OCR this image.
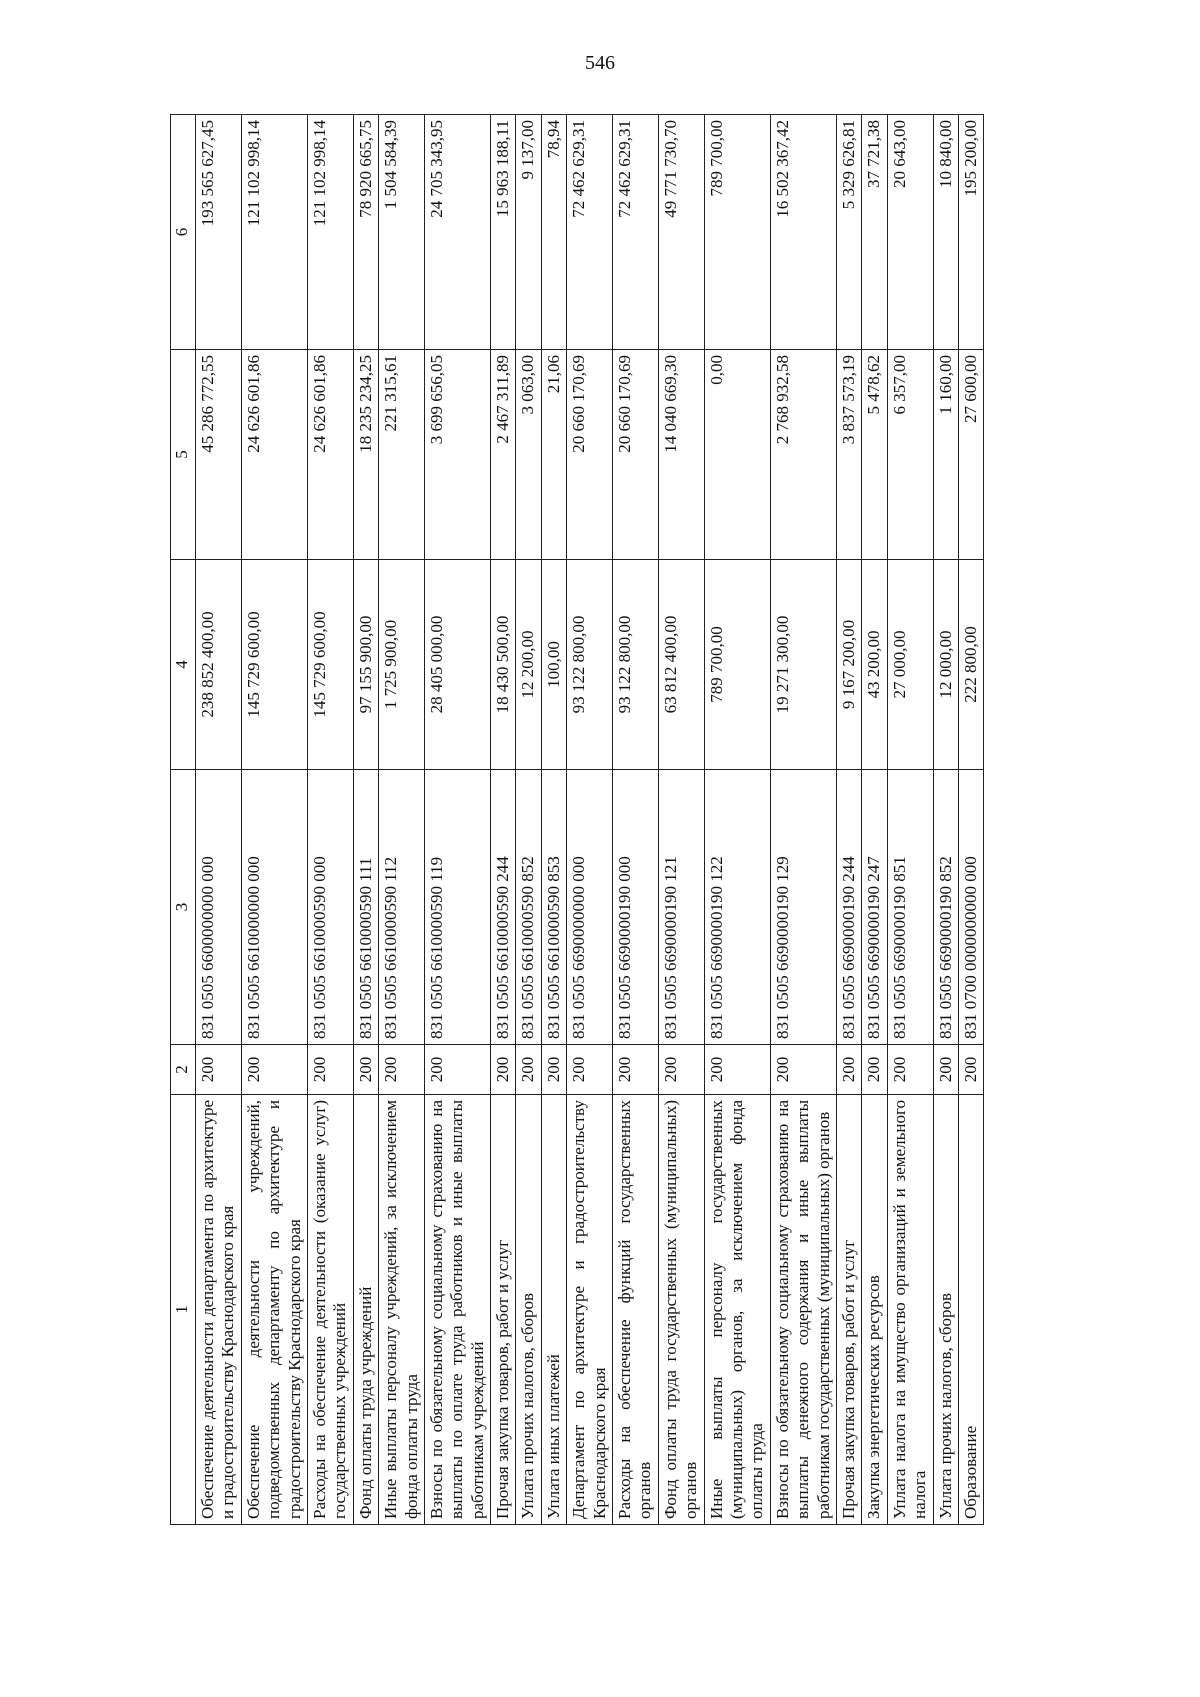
546
1	2	3	4	5	6
Обеспечение деятельности департамента по архитектуре и градостроительству Краснодарского края	200	831 0505 6600000000 000	238 852 400,00	45 286 772,55	193 565 627,45
Обеспечение деятельности учреждений, подведомственных департаменту по архитектуре и градостроительству Краснодарского края	200	831 0505 6610000000 000	145 729 600,00	24 626 601,86	121 102 998,14
Расходы на обеспечение деятельности (оказание услуг) государственных учреждений	200	831 0505 6610000590 000	145 729 600,00	24 626 601,86	121 102 998,14
Фонд оплаты труда учреждений	200	831 0505 6610000590 111	97 155 900,00	18 235 234,25	78 920 665,75
Иные выплаты персоналу учреждений, за исключением фонда оплаты труда	200	831 0505 6610000590 112	1 725 900,00	221 315,61	1 504 584,39
Взносы по обязательному социальному страхованию на выплаты по оплате труда работников и иные выплаты работникам учреждений	200	831 0505 6610000590 119	28 405 000,00	3 699 656,05	24 705 343,95
Прочая закупка товаров, работ и услуг	200	831 0505 6610000590 244	18 430 500,00	2 467 311,89	15 963 188,11
Уплата прочих налогов, сборов	200	831 0505 6610000590 852	12 200,00	3 063,00	9 137,00
Уплата иных платежей	200	831 0505 6610000590 853	100,00	21,06	78,94
Департамент по архитектуре и градостроительству Краснодарского края	200	831 0505 6690000000 000	93 122 800,00	20 660 170,69	72 462 629,31
Расходы на обеспечение функций государственных органов	200	831 0505 6690000190 000	93 122 800,00	20 660 170,69	72 462 629,31
Фонд оплаты труда государственных (муниципальных) органов	200	831 0505 6690000190 121	63 812 400,00	14 040 669,30	49 771 730,70
Иные выплаты персоналу государственных (муниципальных) органов, за исключением фонда оплаты труда	200	831 0505 6690000190 122	789 700,00	0,00	789 700,00
Взносы по обязательному социальному страхованию на выплаты денежного содержания и иные выплаты работникам государственных (муниципальных) органов	200	831 0505 6690000190 129	19 271 300,00	2 768 932,58	16 502 367,42
Прочая закупка товаров, работ и услуг	200	831 0505 6690000190 244	9 167 200,00	3 837 573,19	5 329 626,81
Закупка энергетических ресурсов	200	831 0505 6690000190 247	43 200,00	5 478,62	37 721,38
Уплата налога на имущество организаций и земельного налога	200	831 0505 6690000190 851	27 000,00	6 357,00	20 643,00
Уплата прочих налогов, сборов	200	831 0505 6690000190 852	12 000,00	1 160,00	10 840,00
Образование	200	831 0700 0000000000 000	222 800,00	27 600,00	195 200,00
